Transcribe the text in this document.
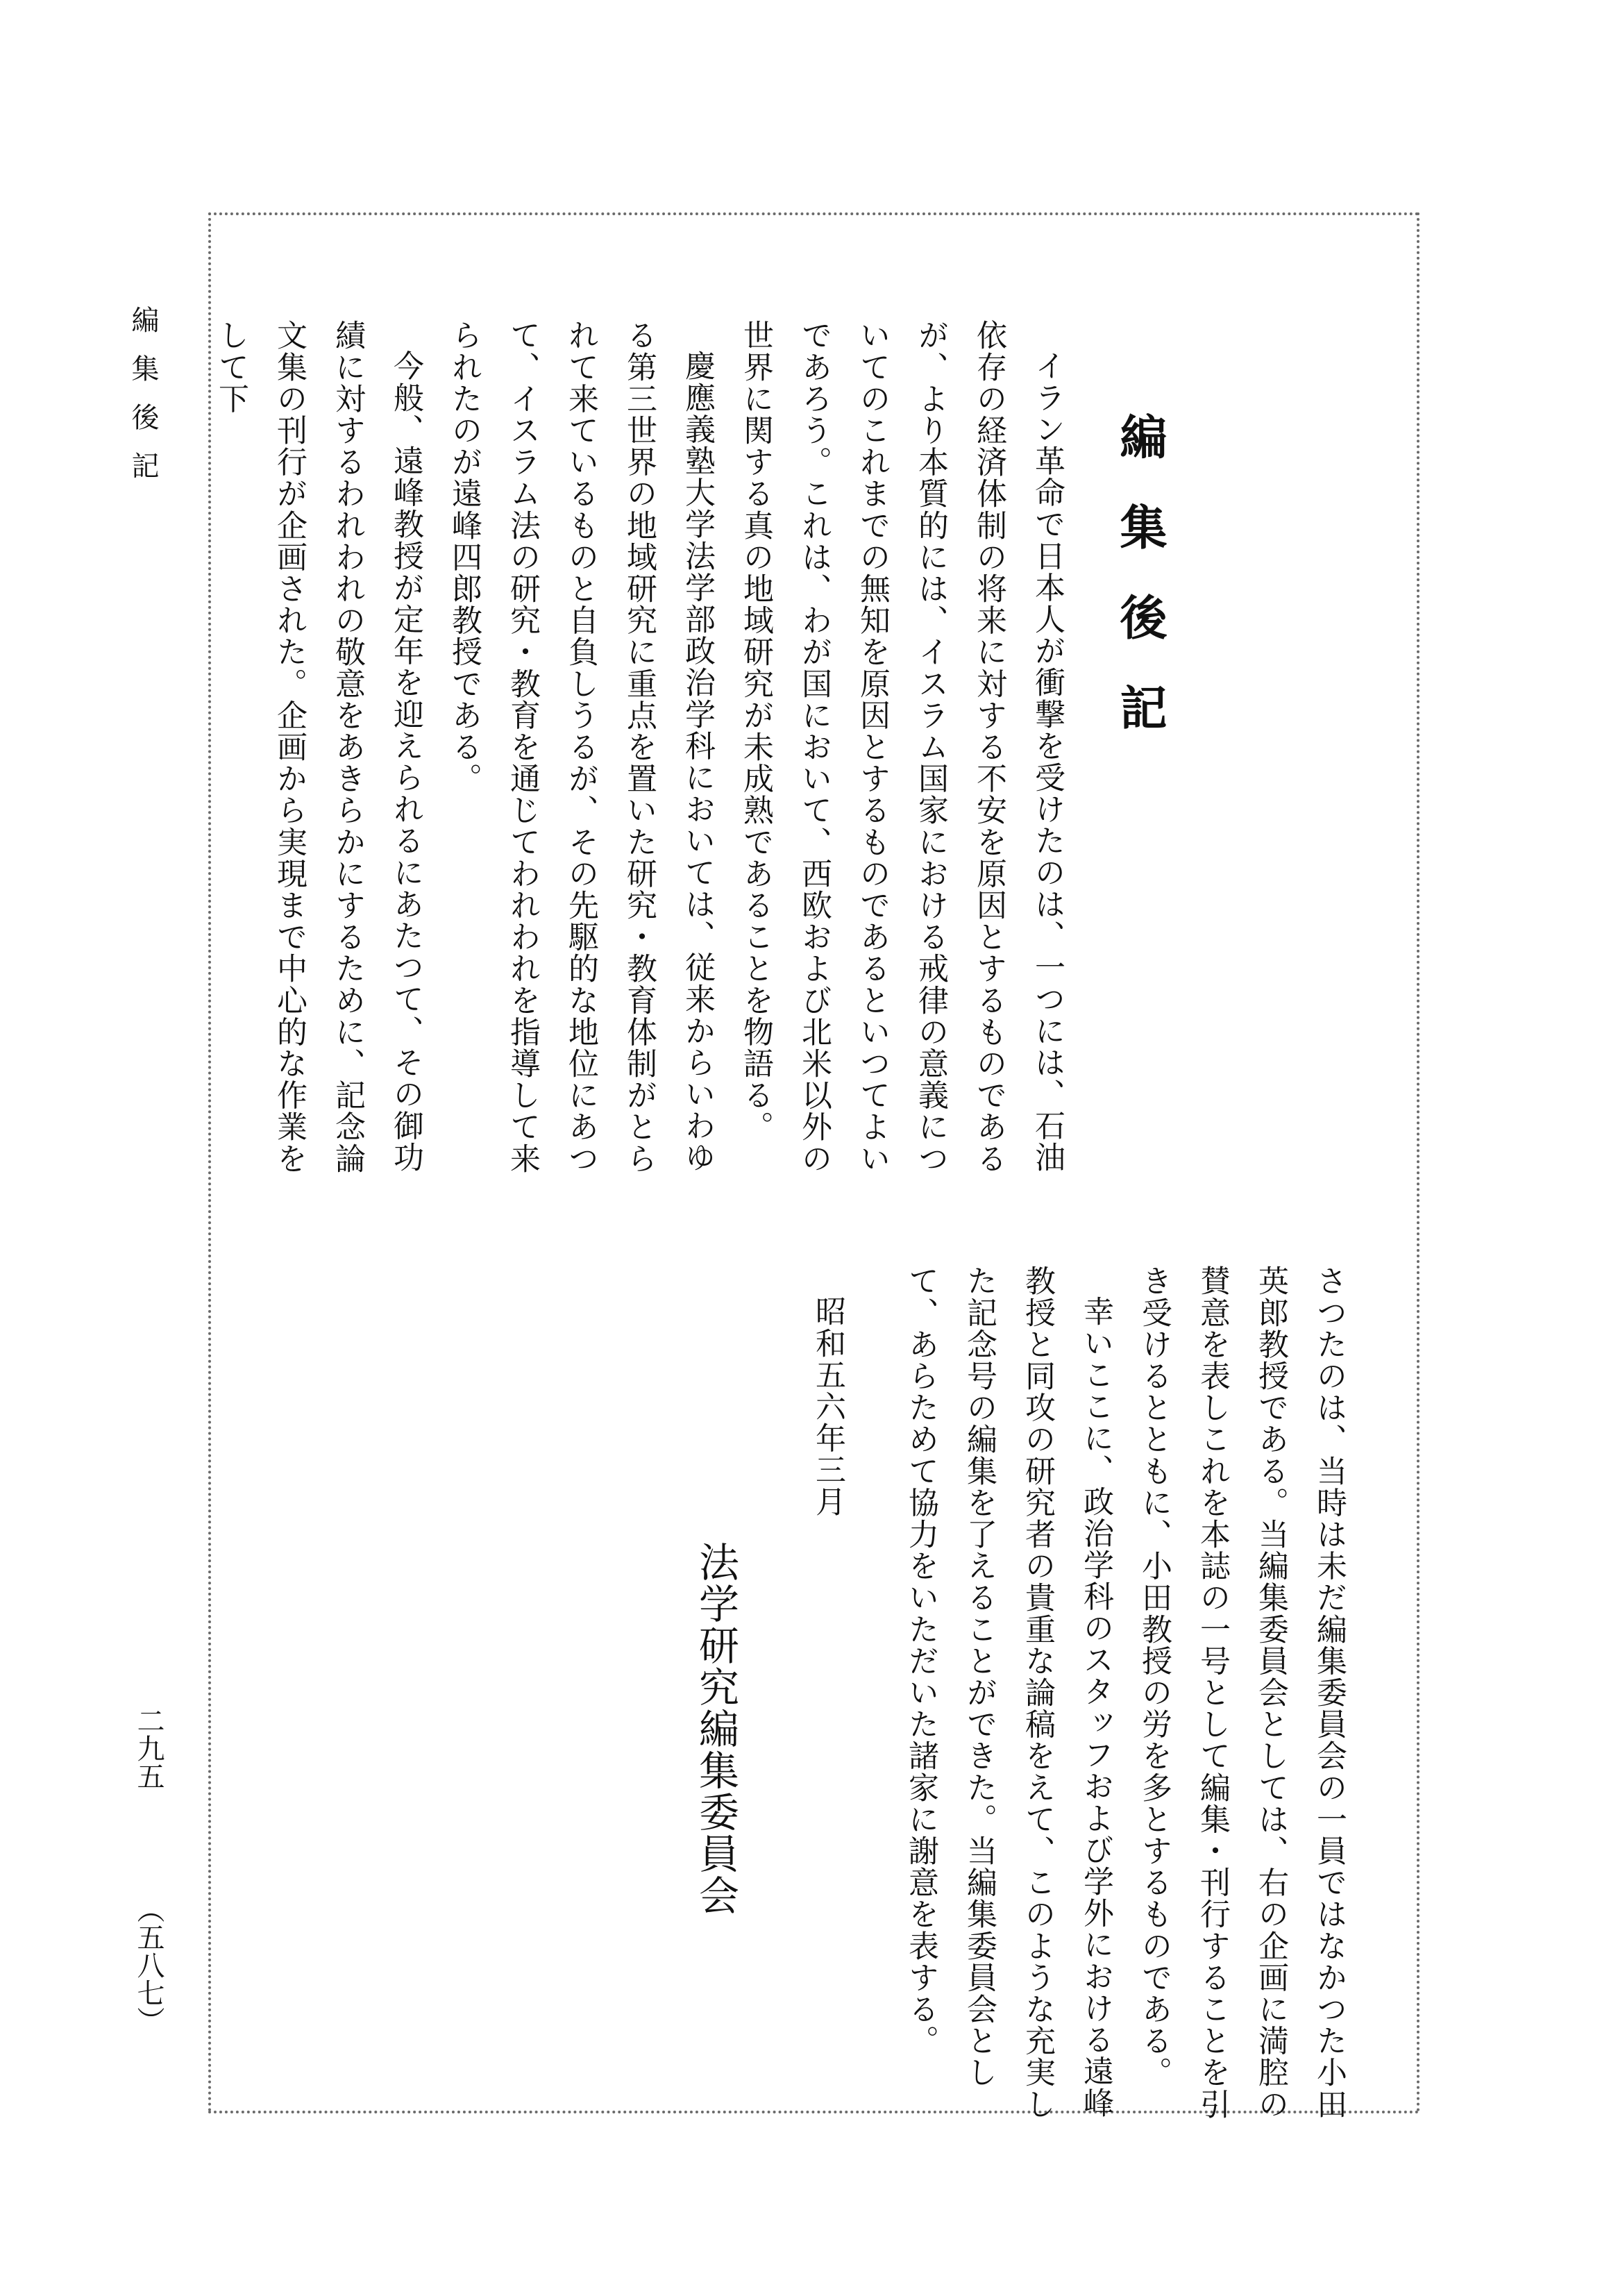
編集後記
二九五  （五八七）
編集後記

イラン革命で日本人が衝撃を受けたのは、一つには、石油依存の経済体制の将来に対する不安を原因とするものであるが、より本質的には、イスラム国家における戒律の意義についてのこれまでの無知を原因とするものであるといつてよいであろう。これは、わが国において、西欧および北米以外の世界に関する真の地域研究が未成熟であることを物語る。

慶應義塾大学法学部政治学科においては、従来からいわゆる第三世界の地域研究に重点を置いた研究・教育体制がとられて来ているものと自負しうるが、その先駆的な地位にあつて、イスラム法の研究・教育を通じてわれわれを指導して来られたのが遠峰四郎教授である。

今般、遠峰教授が定年を迎えられるにあたつて、その御功績に対するわれわれの敬意をあきらかにするために、記念論文集の刊行が企画された。企画から実現まで中心的な作業をして下

さつたのは、当時は未だ編集委員会の一員ではなかつた小田英郎教授である。当編集委員会としては、右の企画に満腔の賛意を表しこれを本誌の一号として編集・刊行することを引き受けるとともに、小田教授の労を多とするものである。

幸いここに、政治学科のスタッフおよび学外における遠峰教授と同攻の研究者の貴重な論稿をえて、このような充実した記念号の編集を了えることができた。当編集委員会として、あらためて協力をいただいた諸家に謝意を表する。

昭和五六年三月
法学研究編集委員会
